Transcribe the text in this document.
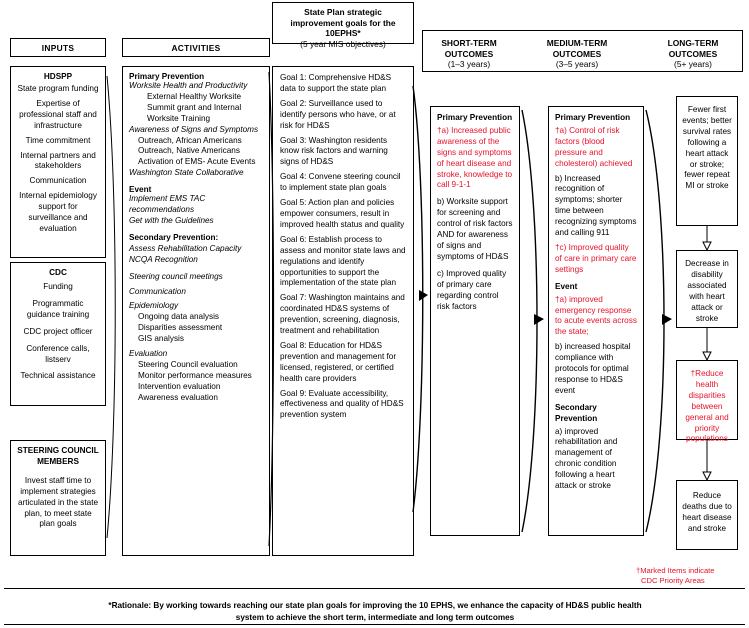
INPUTS	ACTIVITIES
State Plan strategic
improvement goals for the
10EPHS*
(5 year MIS objectives)	SHORT-TERM OUTCOMES
(1–3 years)
MEDIUM-TERM OUTCOMES
(3–5 years)
LONG-TERM OUTCOMES
(5+ years)
HDSPP
State program funding
Expertise of professional staff and infrastructure
Time commitment
Internal partners and stakeholders
Communication
Internal epidemiology support for surveillance and evaluation
CDC
Funding
Programmatic guidance training
CDC project officer
Conference calls, listserv
Technical assistance
STEERING COUNCIL MEMBERS
Invest staff time to implement strategies articulated in the state plan, to meet state plan goals
Primary Prevention
Worksite Health and Productivity
External Healthy Worksite Summit grant and Internal Worksite Training
Awareness of Signs and Symptoms
Outreach, African Americans
Outreach, Native Americans
Activation of EMS- Acute Events
Washington State Collaborative
Event
Implement EMS TAC recommendations
Get with the Guidelines
Secondary Prevention:
Assess Rehabilitation Capacity
NCQA Recognition
Steering council meetings
Communication
Epidemiology
Ongoing data analysis
Disparities assessment
GIS analysis
Evaluation
Steering Council evaluation
Monitor performance measures
Intervention evaluation
Awareness evaluation
Goal 1: Comprehensive HD&S data to support the state plan
Goal 2: Surveillance used to identify persons who have, or at risk for HD&S
Goal 3: Washington residents know risk factors and warning signs of HD&S
Goal 4: Convene steering council to implement state plan goals
Goal 5: Action plan and policies empower consumers, result in improved health status and quality
Goal 6: Establish process to assess and monitor state laws and regulations and identify opportunities to support the implementation of the state plan
Goal 7: Washington maintains and coordinated HD&S systems of prevention, screening, diagnosis, treatment and rehabilitation
Goal 8: Education for HD&S prevention and management for licensed, registered, or certified health care providers
Goal 9: Evaluate accessibility, effectiveness and quality of HD&S prevention system
Primary Prevention
†a) Increased public awareness of the signs and symptoms of heart disease and stroke, knowledge to call 9-1-1
b) Worksite support for screening and control of risk factors AND for awareness of signs and symptoms of HD&S
c) Improved quality of primary care regarding control risk factors
Primary Prevention
†a) Control of risk factors (blood pressure and cholesterol) achieved
b) Increased recognition of symptoms; shorter time between recognizing symptoms and calling 911
†c) Improved quality of care in primary care settings
Event
†a) improved emergency response to acute events across the state;
b) increased hospital compliance with protocols for optimal response to HD&S event
Secondary Prevention
a) improved rehabilitation and management of chronic condition following a heart attack or stroke
Fewer first events; better survival rates following a heart attack or stroke; fewer repeat MI or stroke
Decrease in disability associated with heart attack or stroke
†Reduce health disparities between general and priority populations
Reduce deaths due to heart disease and stroke
†Marked Items indicate
CDC Priority Areas
*Rationale: By working towards reaching our state plan goals for improving the 10 EPHS, we enhance the capacity of HD&S public health
system to achieve the short term, intermediate and long term outcomes
